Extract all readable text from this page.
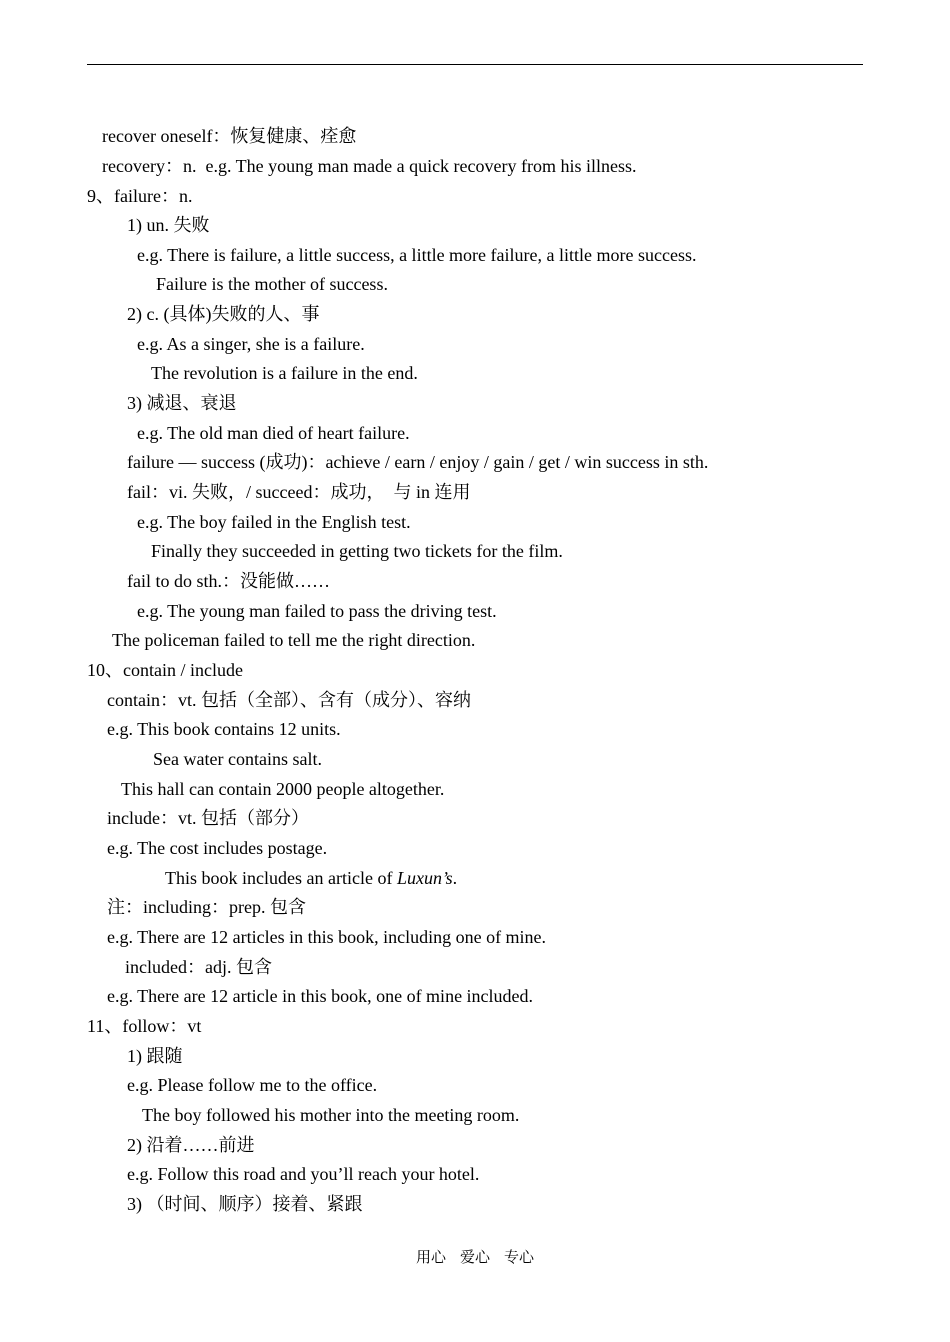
recover oneself：恢复健康、痊愈
recovery：n.  e.g. The young man made a quick recovery from his illness.
9、failure：n.
1) un. 失败
e.g. There is failure, a little success, a little more failure, a little more success.
Failure is the mother of success.
2) c. (具体)失败的人、事
e.g. As a singer, she is a failure.
The revolution is a failure in the end.
3) 减退、衰退
e.g. The old man died of heart failure.
failure — success (成功)：achieve / earn / enjoy / gain / get / win success in sth.
fail：vi. 失败，/ succeed：成功，  与 in 连用
e.g. The boy failed in the English test.
Finally they succeeded in getting two tickets for the film.
fail to do sth.：没能做……
e.g. The young man failed to pass the driving test.
The policeman failed to tell me the right direction.
10、contain / include
contain：vt. 包括（全部）、含有（成分）、容纳
e.g. This book contains 12 units.
Sea water contains salt.
This hall can contain 2000 people altogether.
include：vt. 包括（部分）
e.g. The cost includes postage.
This book includes an article of Luxun’s.
注：including：prep. 包含
e.g. There are 12 articles in this book, including one of mine.
included：adj. 包含
e.g. There are 12 article in this book, one of mine included.
11、follow：vt
1) 跟随
e.g. Please follow me to the office.
The boy followed his mother into the meeting room.
2) 沿着……前进
e.g. Follow this road and you’ll reach your hotel.
3) （时间、顺序）接着、紧跟
用心 爱心 专心
